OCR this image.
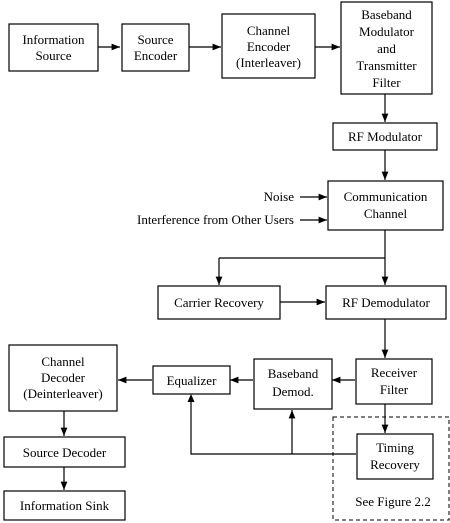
Information
Source
Source
Encoder
Channel
Encoder
(Interleaver)
Baseband
Modulator
and
Transmitter
Filter
RF Modulator
Noise
Interference from Other Users
Communication
Channel
Carrier Recovery	RF Demodulator
Receiver
Filter
Baseband
Demod.
Equalizer
Channel
Decoder
(Deinterleaver)
Source Decoder
Information Sink
Timing
Recovery
See Figure 2.2
